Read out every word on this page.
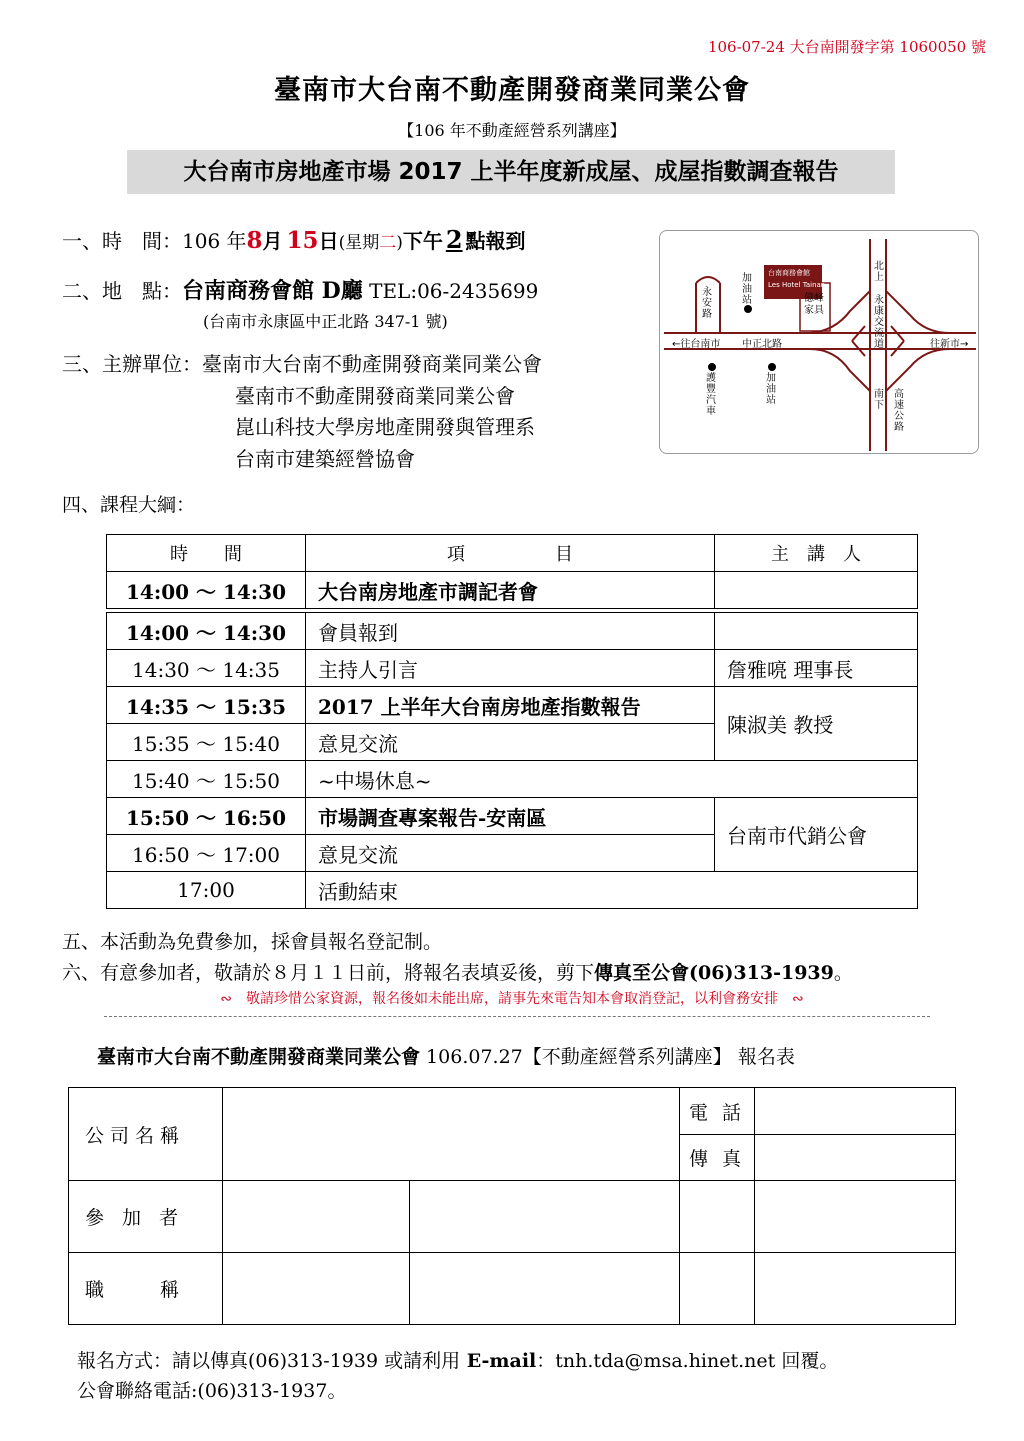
106-07-24 大台南開發字第 1060050 號
臺南市大台南不動產開發商業同業公會
【106 年不動產經營系列講座】
大台南市房地產市場 2017 上半年度新成屋、成屋指數調查報告
一、時　間：106 年8月 15日(星期二)下午 2 點報到
二、地　點：台南商務會館 D廳 TEL:06-2435699
(台南市永康區中正北路 347-1 號)
三、主辦單位：臺南市大台南不動產開發商業同業公會
臺南市不動產開發商業同業公會
崑山科技大學房地產開發與管理系
台南市建築經營協會
四、課程大綱：
台南商務會館
Les Hotel Tainan
永安路
加油站	億峰家具
北上
永康交流道
←往台南市 中正北路	往新市→
護豐汽車
加油站
南下
高速公路
時　　間	項　　　　　目	主　講　人
14:00 ～ 14:30	大台南房地產市調記者會	

14:00 ～ 14:30	會員報到	
14:30 ～ 14:35	主持人引言	詹雅喨 理事長
14:35 ～ 15:35	2017 上半年大台南房地產指數報告	陳淑美 教授
15:35 ～ 15:40	意見交流	
15:40 ～ 15:50	~中場休息~	
15:50 ～ 16:50	市場調查專案報告-安南區	台南市代銷公會
16:50 ～ 17:00	意見交流	
17:00	活動結束	
五、本活動為免費參加，採會員報名登記制。
六、有意參加者，敬請於８月１１日前，將報名表填妥後，剪下傳真至公會(06)313-1939。
∾ 敬請珍惜公家資源，報名後如未能出席，請事先來電告知本會取消登記，以利會務安排 ∾
臺南市大台南不動產開發商業同業公會 106.07.27【不動產經營系列講座】 報名表
公司名稱			電 話	
			傳 真	
參 加 者				
職　　稱				
報名方式：請以傳真(06)313-1939 或請利用 E-mail：tnh.tda@msa.hinet.net 回覆。
公會聯絡電話:(06)313-1937。
